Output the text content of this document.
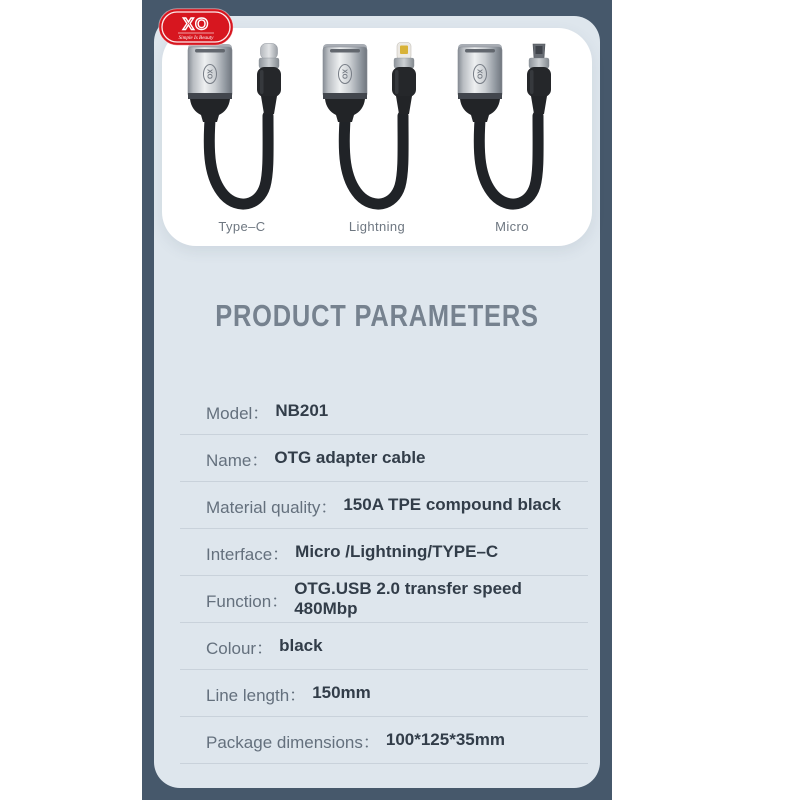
XO
Type–C
XO
Lightning
XO
Micro
PRODUCT PARAMETERS
Model： NB201
Name： OTG adapter cable
Material quality： 150A TPE compound black
Interface： Micro /Lightning/TYPE–C
Function：
OTG.USB 2.0 transfer speed 480Mbp
Colour： black
Line length： 150mm
Package dimensions： 100*125*35mm
XO
Simple Is Beauty
